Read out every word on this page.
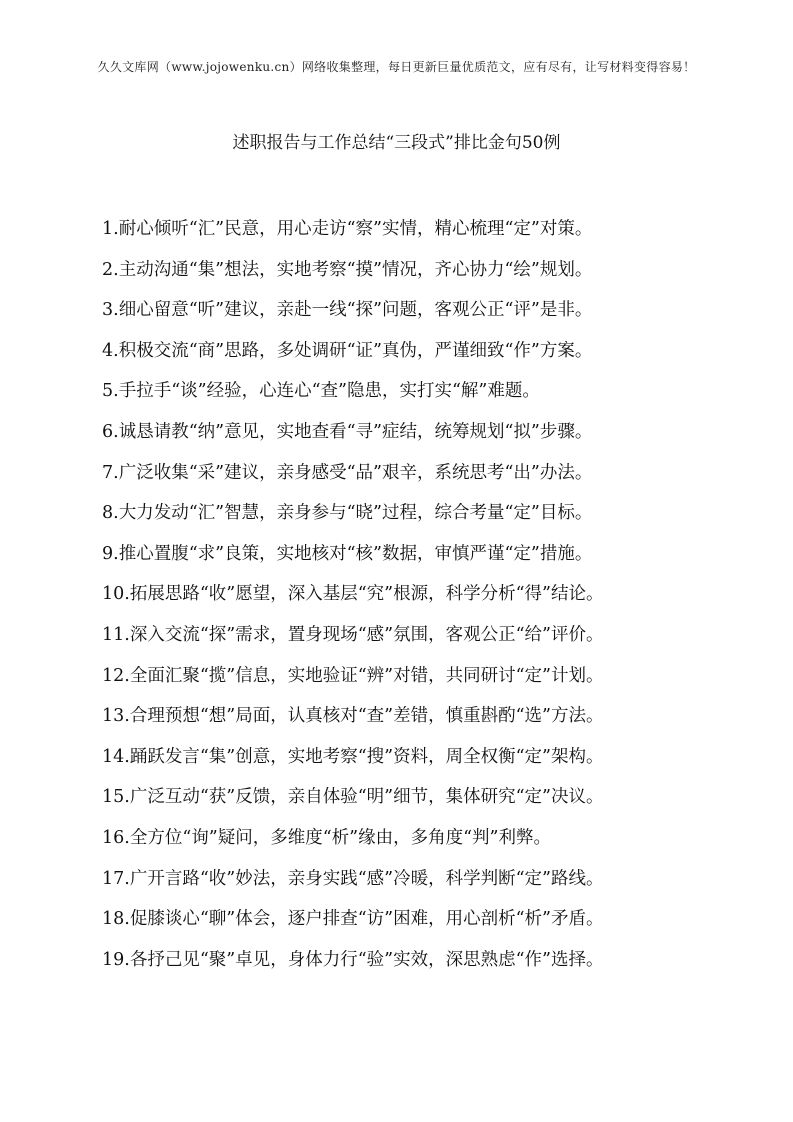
久久文库网（www.jojowenku.cn）网络收集整理，每日更新巨量优质范文，应有尽有，让写材料变得容易！
述职报告与工作总结“三段式”排比金句50例
1.耐心倾听“汇”民意，用心走访“察”实情，精心梳理“定”对策。
2.主动沟通“集”想法，实地考察“摸”情况，齐心协力“绘”规划。
3.细心留意“听”建议，亲赴一线“探”问题，客观公正“评”是非。
4.积极交流“商”思路，多处调研“证”真伪，严谨细致“作”方案。
5.手拉手“谈”经验，心连心“查”隐患，实打实“解”难题。
6.诚恳请教“纳”意见，实地查看“寻”症结，统筹规划“拟”步骤。
7.广泛收集“采”建议，亲身感受“品”艰辛，系统思考“出”办法。
8.大力发动“汇”智慧，亲身参与“晓”过程，综合考量“定”目标。
9.推心置腹“求”良策，实地核对“核”数据，审慎严谨“定”措施。
10.拓展思路“收”愿望，深入基层“究”根源，科学分析“得”结论。
11.深入交流“探”需求，置身现场“感”氛围，客观公正“给”评价。
12.全面汇聚“揽”信息，实地验证“辨”对错，共同研讨“定”计划。
13.合理预想“想”局面，认真核对“查”差错，慎重斟酌“选”方法。
14.踊跃发言“集”创意，实地考察“搜”资料，周全权衡“定”架构。
15.广泛互动“获”反馈，亲自体验“明”细节，集体研究“定”决议。
16.全方位“询”疑问，多维度“析”缘由，多角度“判”利弊。
17.广开言路“收”妙法，亲身实践“感”冷暖，科学判断“定”路线。
18.促膝谈心“聊”体会，逐户排查“访”困难，用心剖析“析”矛盾。
19.各抒己见“聚”卓见，身体力行“验”实效，深思熟虑“作”选择。
